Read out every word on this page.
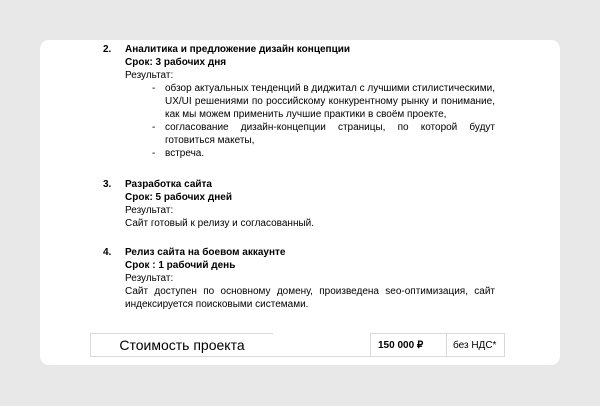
2. Аналитика и предложение дизайн концепции
Срок: 3 рабочих дня
Результат:
- обзор актуальных тенденций в диджитал с лучшими стилистическими, UX/UI решениями по российскому конкурентному рынку и понимание, как мы можем применить лучшие практики в своём проекте,
- согласование дизайн-концепции страницы, по которой будут готовиться макеты,
- встреча.
3. Разработка сайта
Срок: 5 рабочих дней
Результат:
Сайт готовый к релизу и согласованный.
4. Релиз сайта на боевом аккаунте
Срок : 1 рабочий день
Результат:
Сайт доступен по основному домену, произведена seo-оптимизация, сайт индексируется поисковыми системами.
Стоимость проекта	150 000 ₽	без НДС*
